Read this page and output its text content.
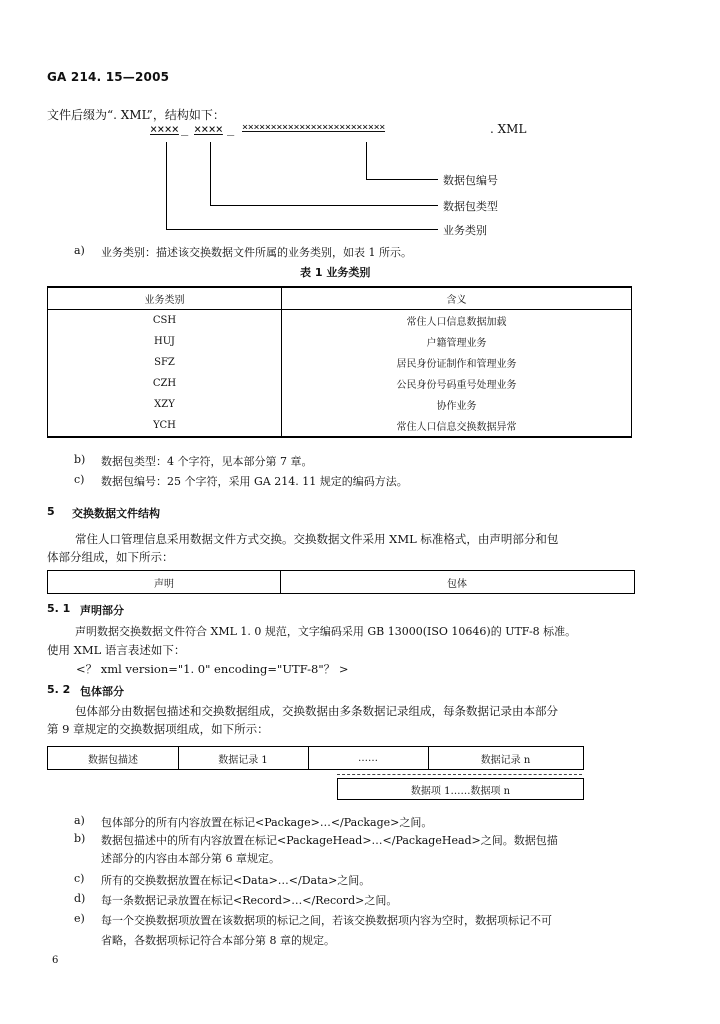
GA 214. 15—2005
文件后缀为“. XML”，结构如下：
×××× _ ×××× _ ×××××××××××××××××××××××××	. XML
数据包编号
数据包类型
业务类别
a) 业务类别：描述该交换数据文件所属的业务类别，如表 1 所示。
表 1 业务类别
业务类别	含义
CSH	常住人口信息数据加载
HUJ	户籍管理业务
SFZ	居民身份证制作和管理业务
CZH	公民身份号码重号处理业务
XZY	协作业务
YCH	常住人口信息交换数据异常
b) 数据包类型：4 个字符，见本部分第 7 章。
c) 数据包编号：25 个字符，采用 GA 214. 11 规定的编码方法。
5 交换数据文件结构
常住人口管理信息采用数据文件方式交换。交换数据文件采用 XML 标准格式，由声明部分和包
体部分组成，如下所示：
声明	包体
5. 1 声明部分
声明数据交换数据文件符合 XML 1. 0 规范，文字编码采用 GB 13000(ISO 10646)的 UTF-8 标准。
使用 XML 语言表述如下：
<？ xml version="1. 0" encoding="UTF-8"？ >
5. 2 包体部分
包体部分由数据包描述和交换数据组成，交换数据由多条数据记录组成，每条数据记录由本部分
第 9 章规定的交换数据项组成，如下所示：
数据包描述	数据记录 1	……	数据记录 n
数据项 1……数据项 n
a) 包体部分的所有内容放置在标记<Package>…</Package>之间。
b) 数据包描述中的所有内容放置在标记<PackageHead>…</PackageHead>之间。数据包描
述部分的内容由本部分第 6 章规定。
c) 所有的交换数据放置在标记<Data>…</Data>之间。
d) 每一条数据记录放置在标记<Record>…</Record>之间。
e) 每一个交换数据项放置在该数据项的标记之间，若该交换数据项内容为空时，数据项标记不可
省略，各数据项标记符合本部分第 8 章的规定。
6
